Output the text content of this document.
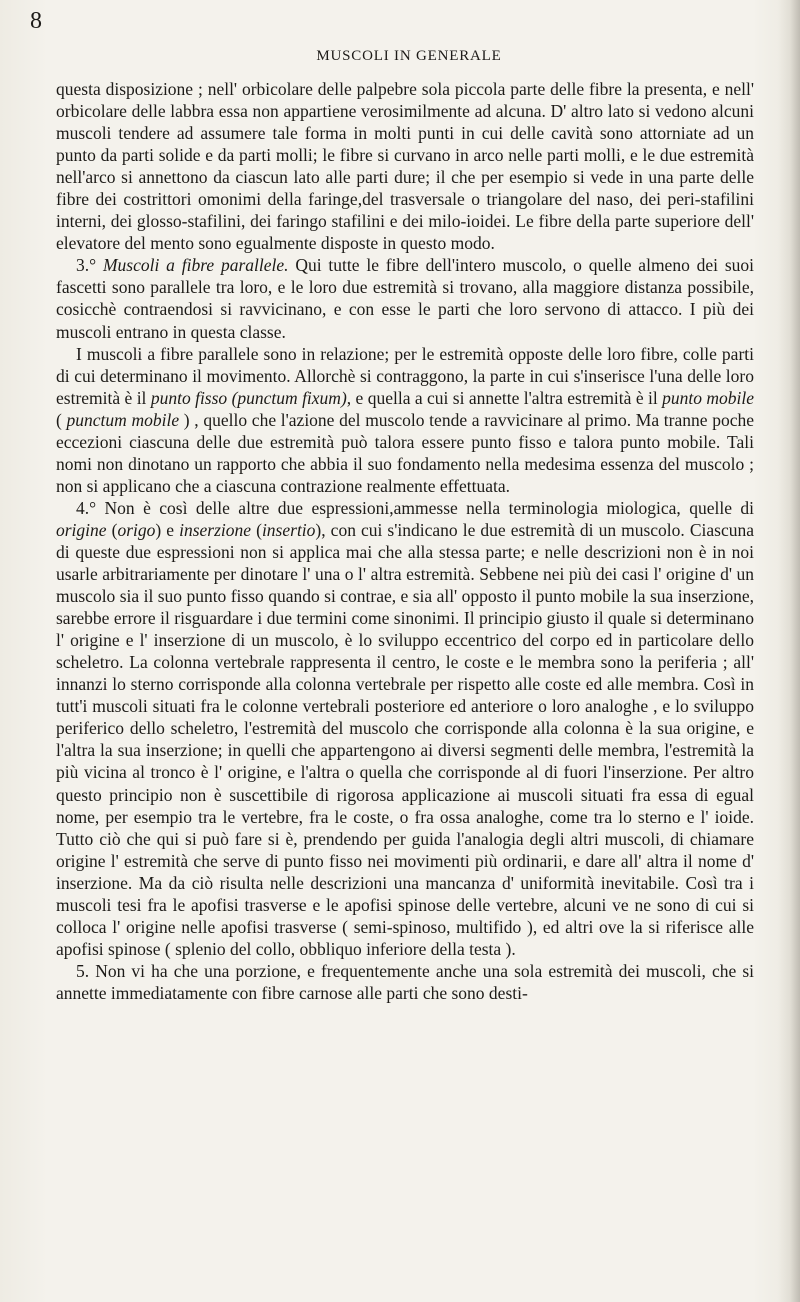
8
MUSCOLI IN GENERALE

questa disposizione ; nell' orbicolare delle palpebre sola piccola parte delle fibre la presenta, e nell' orbicolare delle labbra essa non appartiene verosimilmente ad alcuna. D' altro lato si vedono alcuni muscoli tendere ad assumere tale forma in molti punti in cui delle cavità sono attorniate ad un punto da parti solide e da parti molli; le fibre si curvano in arco nelle parti molli, e le due estremità nell'arco si annettono da ciascun lato alle parti dure; il che per esempio si vede in una parte delle fibre dei costrittori omonimi della faringe,del trasversale o triangolare del naso, dei peri-stafilini interni, dei glosso-stafilini, dei faringo stafilini e dei milo-ioidei. Le fibre della parte superiore dell' elevatore del mento sono egualmente disposte in questo modo.

3.° Muscoli a fibre parallele. Qui tutte le fibre dell'intero muscolo, o quelle almeno dei suoi fascetti sono parallele tra loro, e le loro due estremità si trovano, alla maggiore distanza possibile, cosicchè contraendosi si ravvicinano, e con esse le parti che loro servono di attacco. I più dei muscoli entrano in questa classe.

I muscoli a fibre parallele sono in relazione; per le estremità opposte delle loro fibre, colle parti di cui determinano il movimento. Allorchè si contraggono, la parte in cui s'inserisce l'una delle loro estremità è il punto fisso (punctum fixum), e quella a cui si annette l'altra estremità è il punto mobile ( punctum mobile ) , quello che l'azione del muscolo tende a ravvicinare al primo. Ma tranne poche eccezioni ciascuna delle due estremità può talora essere punto fisso e talora punto mobile. Tali nomi non dinotano un rapporto che abbia il suo fondamento nella medesima essenza del muscolo ; non si applicano che a ciascuna contrazione realmente effettuata.

4.° Non è così delle altre due espressioni,ammesse nella terminologia miologica, quelle di origine (origo) e inserzione (insertio), con cui s'indicano le due estremità di un muscolo. Ciascuna di queste due espressioni non si applica mai che alla stessa parte; e nelle descrizioni non è in noi usarle arbitrariamente per dinotare l' una o l' altra estremità. Sebbene nei più dei casi l' origine d' un muscolo sia il suo punto fisso quando si contrae, e sia all' opposto il punto mobile la sua inserzione, sarebbe errore il risguardare i due termini come sinonimi. Il principio giusto il quale si determinano l' origine e l' inserzione di un muscolo, è lo sviluppo eccentrico del corpo ed in particolare dello scheletro. La colonna vertebrale rappresenta il centro, le coste e le membra sono la periferia ; all' innanzi lo sterno corrisponde alla colonna vertebrale per rispetto alle coste ed alle membra. Così in tutt'i muscoli situati fra le colonne vertebrali posteriore ed anteriore o loro analoghe , e lo sviluppo periferico dello scheletro, l'estremità del muscolo che corrisponde alla colonna è la sua origine, e l'altra la sua inserzione; in quelli che appartengono ai diversi segmenti delle membra, l'estremità la più vicina al tronco è l' origine, e l'altra o quella che corrisponde al di fuori l'inserzione. Per altro questo principio non è suscettibile di rigorosa applicazione ai muscoli situati fra essa di egual nome, per esempio tra le vertebre, fra le coste, o fra ossa analoghe, come tra lo sterno e l' ioide. Tutto ciò che qui si può fare si è, prendendo per guida l'analogia degli altri muscoli, di chiamare origine l' estremità che serve di punto fisso nei movimenti più ordinarii, e dare all' altra il nome d' inserzione. Ma da ciò risulta nelle descrizioni una mancanza d' uniformità inevitabile. Così tra i muscoli tesi fra le apofisi trasverse e le apofisi spinose delle vertebre, alcuni ve ne sono di cui si colloca l' origine nelle apofisi trasverse ( semi-spinoso, multifido ), ed altri ove la si riferisce alle apofisi spinose ( splenio del collo, obbliquo inferiore della testa ).

5. Non vi ha che una porzione, e frequentemente anche una sola estremità dei muscoli, che si annette immediatamente con fibre carnose alle parti che sono desti-
